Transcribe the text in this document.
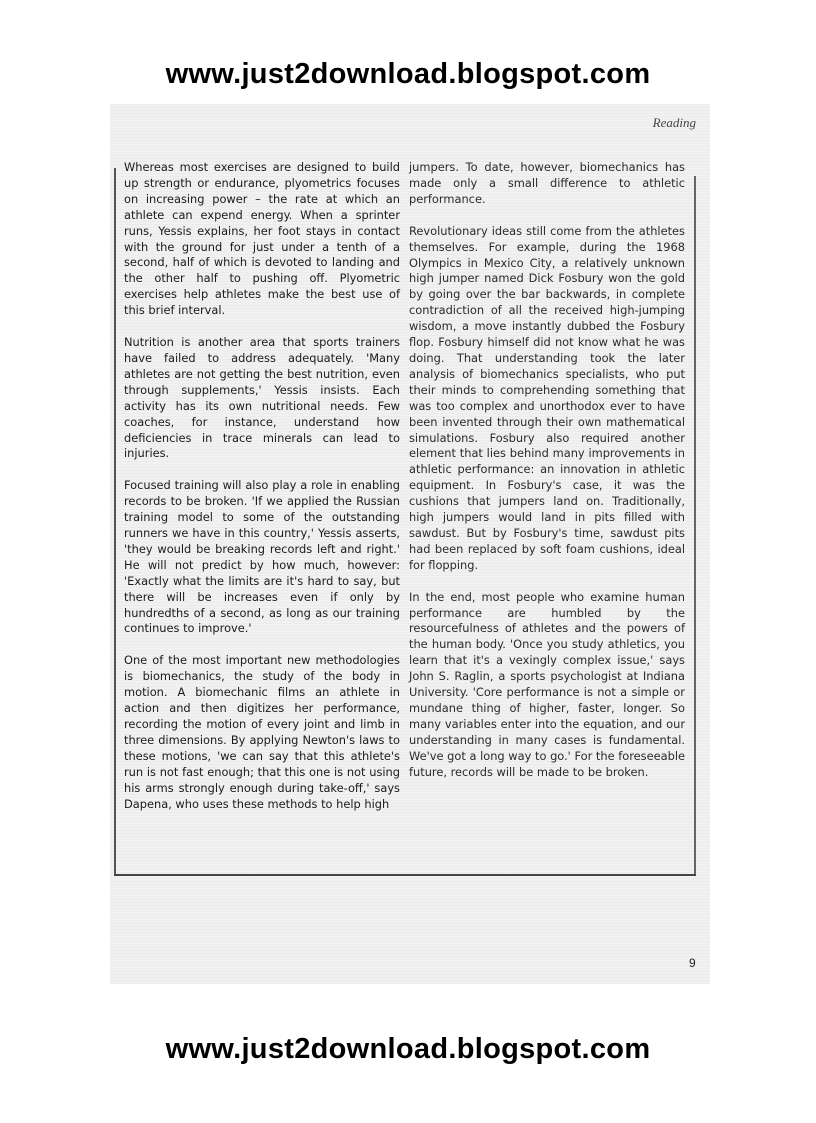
www.just2download.blogspot.com
Reading

Whereas most exercises are designed to build up strength or endurance, plyometrics focuses on increasing power – the rate at which an athlete can expend energy. When a sprinter runs, Yessis explains, her foot stays in contact with the ground for just under a tenth of a second, half of which is devoted to landing and the other half to pushing off. Plyometric exercises help athletes make the best use of this brief interval.

Nutrition is another area that sports trainers have failed to address adequately. 'Many athletes are not getting the best nutrition, even through supplements,' Yessis insists. Each activity has its own nutritional needs. Few coaches, for instance, understand how deficiencies in trace minerals can lead to injuries.

Focused training will also play a role in enabling records to be broken. 'If we applied the Russian training model to some of the outstanding runners we have in this country,' Yessis asserts, 'they would be breaking records left and right.' He will not predict by how much, however: 'Exactly what the limits are it's hard to say, but there will be increases even if only by hundredths of a second, as long as our training continues to improve.'

One of the most important new methodologies is biomechanics, the study of the body in motion. A biomechanic films an athlete in action and then digitizes her performance, recording the motion of every joint and limb in three dimensions. By applying Newton's laws to these motions, 'we can say that this athlete's run is not fast enough; that this one is not using his arms strongly enough during take-off,' says Dapena, who uses these methods to help high

jumpers. To date, however, biomechanics has made only a small difference to athletic performance.

Revolutionary ideas still come from the athletes themselves. For example, during the 1968 Olympics in Mexico City, a relatively unknown high jumper named Dick Fosbury won the gold by going over the bar backwards, in complete contradiction of all the received high-jumping wisdom, a move instantly dubbed the Fosbury flop. Fosbury himself did not know what he was doing. That understanding took the later analysis of biomechanics specialists, who put their minds to comprehending something that was too complex and unorthodox ever to have been invented through their own mathematical simulations. Fosbury also required another element that lies behind many improvements in athletic performance: an innovation in athletic equipment. In Fosbury's case, it was the cushions that jumpers land on. Traditionally, high jumpers would land in pits filled with sawdust. But by Fosbury's time, sawdust pits had been replaced by soft foam cushions, ideal for flopping.

In the end, most people who examine human performance are humbled by the resourcefulness of athletes and the powers of the human body. 'Once you study athletics, you learn that it's a vexingly complex issue,' says John S. Raglin, a sports psychologist at Indiana University. 'Core performance is not a simple or mundane thing of higher, faster, longer. So many variables enter into the equation, and our understanding in many cases is fundamental. We've got a long way to go.' For the foreseeable future, records will be made to be broken.

9
www.just2download.blogspot.com
